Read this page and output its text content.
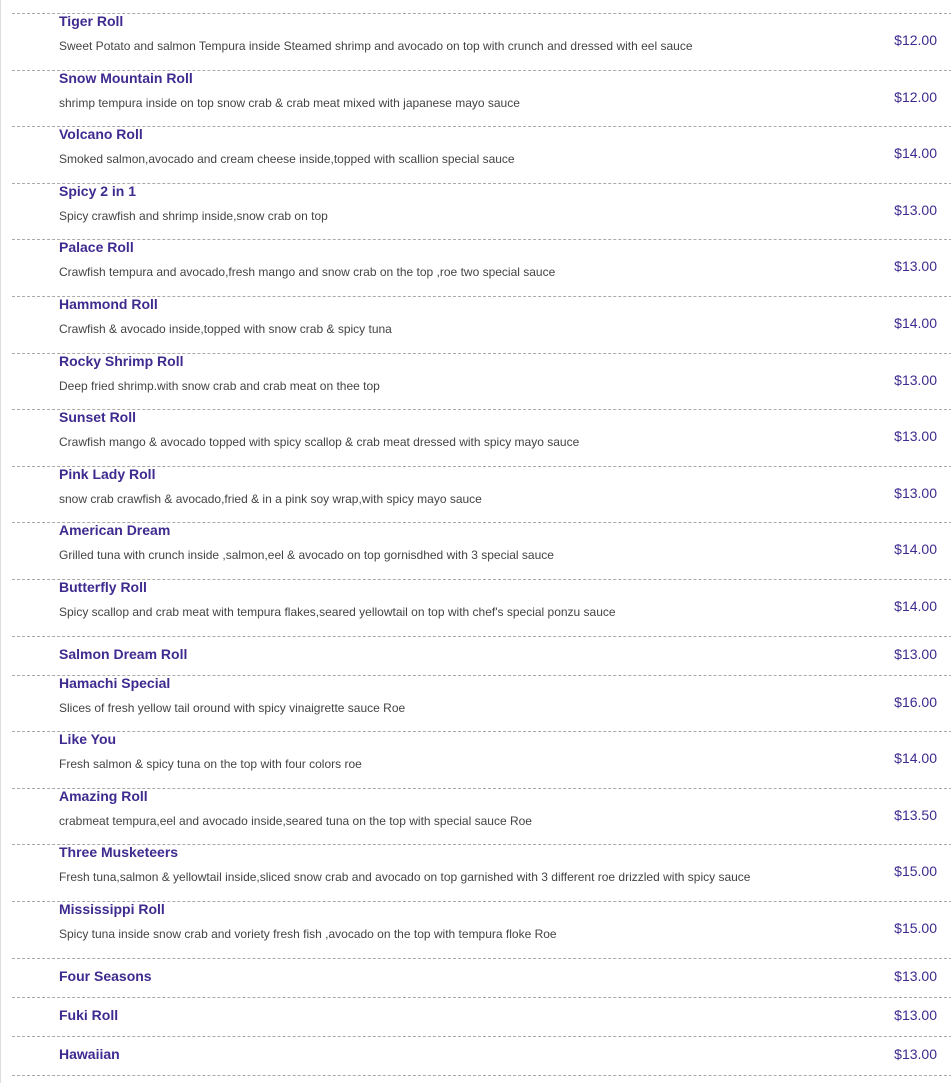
Tiger Roll
Sweet Potato and salmon Tempura inside Steamed shrimp and avocado on top with crunch and dressed with eel sauce	$12.00
Snow Mountain Roll
shrimp tempura inside on top snow crab & crab meat mixed with japanese mayo sauce	$12.00
Volcano Roll
Smoked salmon,avocado and cream cheese inside,topped with scallion special sauce	$14.00
Spicy 2 in 1
Spicy crawfish and shrimp inside,snow crab on top	$13.00
Palace Roll
Crawfish tempura and avocado,fresh mango and snow crab on the top ,roe two special sauce	$13.00
Hammond Roll
Crawfish & avocado inside,topped with snow crab & spicy tuna	$14.00
Rocky Shrimp Roll
Deep fried shrimp.with snow crab and crab meat on thee top	$13.00
Sunset Roll
Crawfish mango & avocado topped with spicy scallop & crab meat dressed with spicy mayo sauce	$13.00
Pink Lady Roll
snow crab crawfish & avocado,fried & in a pink soy wrap,with spicy mayo sauce	$13.00
American Dream
Grilled tuna with crunch inside ,salmon,eel & avocado on top gornisdhed with 3 special sauce	$14.00
Butterfly Roll
Spicy scallop and crab meat with tempura flakes,seared yellowtail on top with chef's special ponzu sauce	$14.00
Salmon Dream Roll	$13.00
Hamachi Special
Slices of fresh yellow tail oround with spicy vinaigrette sauce Roe	$16.00
Like You
Fresh salmon & spicy tuna on the top with four colors roe	$14.00
Amazing Roll
crabmeat tempura,eel and avocado inside,seared tuna on the top with special sauce Roe	$13.50
Three Musketeers
Fresh tuna,salmon & yellowtail inside,sliced snow crab and avocado on top garnished with 3 different roe drizzled with spicy sauce	$15.00
Mississippi Roll
Spicy tuna inside snow crab and voriety fresh fish ,avocado on the top with tempura floke Roe	$15.00
Four Seasons	$13.00
Fuki Roll	$13.00
Hawaiian	$13.00
